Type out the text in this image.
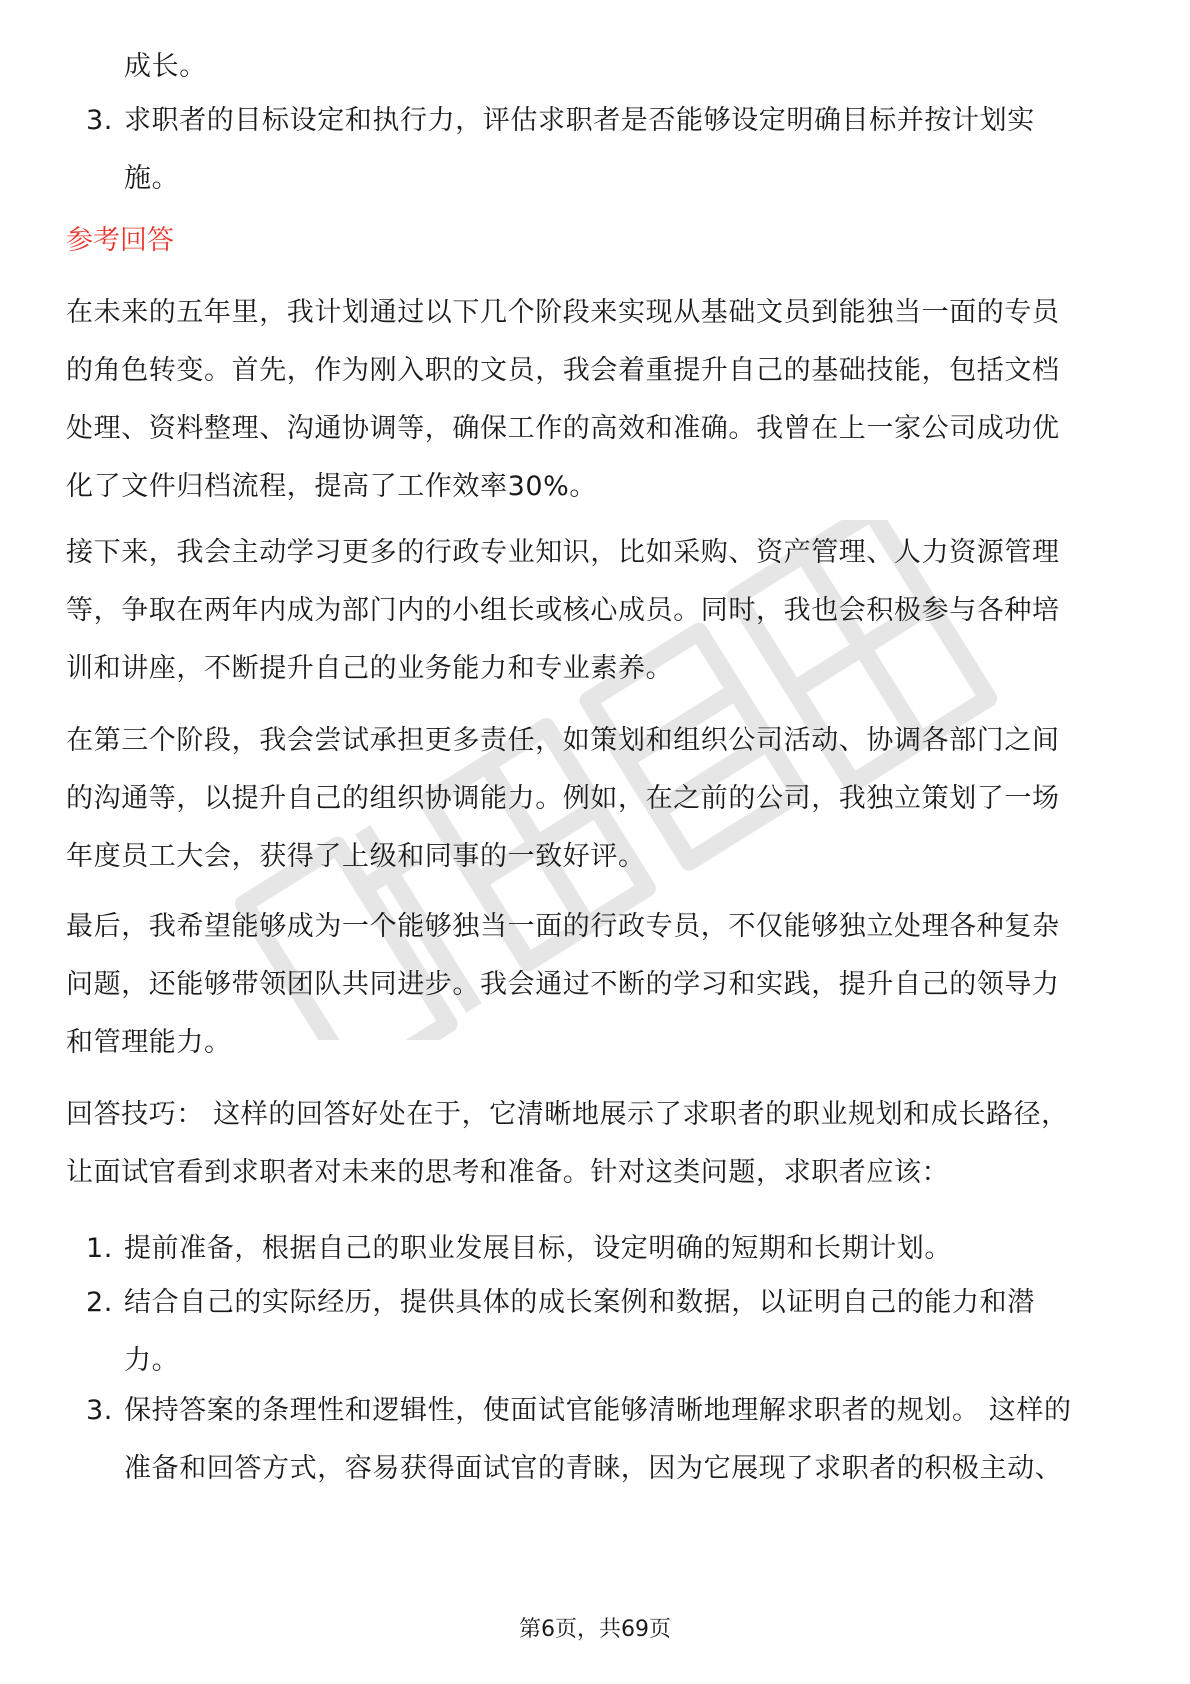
成长。
3. 求职者的目标设定和执行力，评估求职者是否能够设定明确目标并按计划实
施。
参考回答
在未来的五年里，我计划通过以下几个阶段来实现从基础文员到能独当一面的专员
的角色转变。首先，作为刚入职的文员，我会着重提升自己的基础技能，包括文档
处理、资料整理、沟通协调等，确保工作的高效和准确。我曾在上一家公司成功优
化了文件归档流程，提高了工作效率30%。
接下来，我会主动学习更多的行政专业知识，比如采购、资产管理、人力资源管理
等，争取在两年内成为部门内的小组长或核心成员。同时，我也会积极参与各种培
训和讲座，不断提升自己的业务能力和专业素养。
在第三个阶段，我会尝试承担更多责任，如策划和组织公司活动、协调各部门之间
的沟通等，以提升自己的组织协调能力。例如，在之前的公司，我独立策划了一场
年度员工大会，获得了上级和同事的一致好评。
最后，我希望能够成为一个能够独当一面的行政专员，不仅能够独立处理各种复杂
问题，还能够带领团队共同进步。我会通过不断的学习和实践，提升自己的领导力
和管理能力。
回答技巧： 这样的回答好处在于，它清晰地展示了求职者的职业规划和成长路径，
让面试官看到求职者对未来的思考和准备。针对这类问题，求职者应该：
1. 提前准备，根据自己的职业发展目标，设定明确的短期和长期计划。
2. 结合自己的实际经历，提供具体的成长案例和数据，以证明自己的能力和潜
力。
3. 保持答案的条理性和逻辑性，使面试官能够清晰地理解求职者的规划。 这样的
准备和回答方式，容易获得面试官的青睐，因为它展现了求职者的积极主动、
第6页，共69页
